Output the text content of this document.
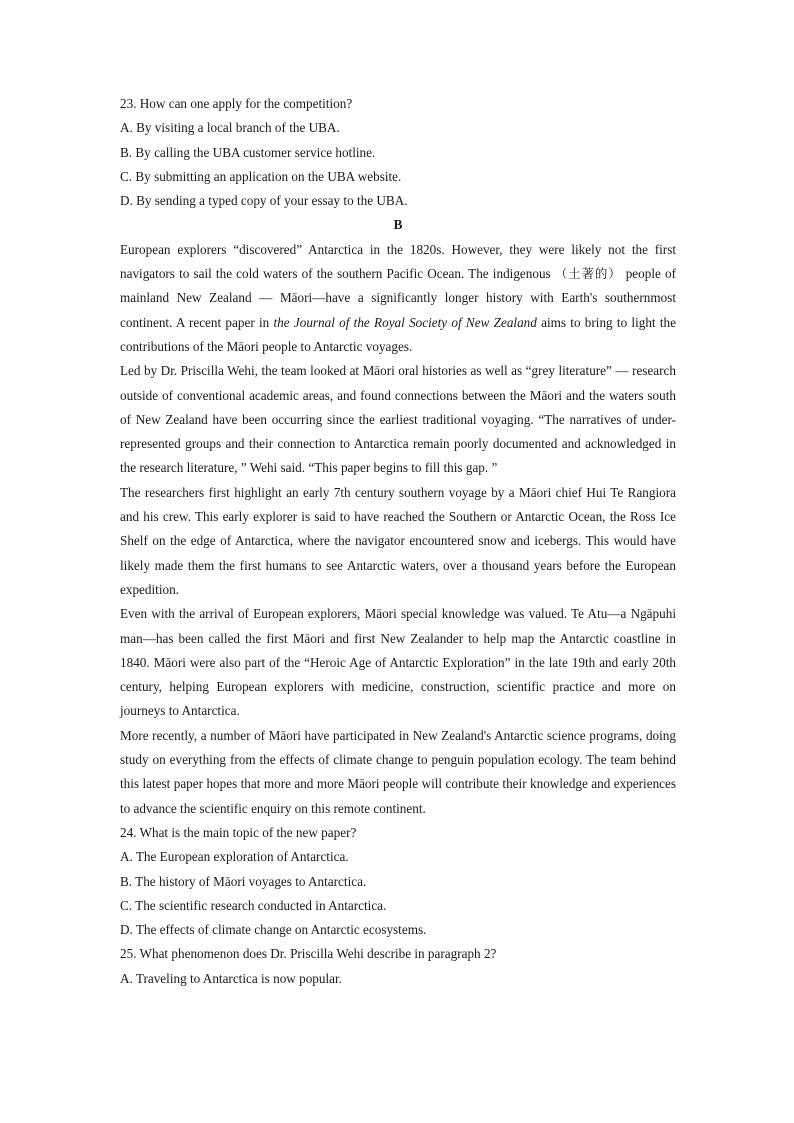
23. How can one apply for the competition?

A. By visiting a local branch of the UBA.

B. By calling the UBA customer service hotline.

C. By submitting an application on the UBA website.

D. By sending a typed copy of your essay to the UBA.

B

European explorers “discovered” Antarctica in the 1820s. However, they were likely not the first navigators to sail the cold waters of the southern Pacific Ocean. The indigenous （土著的） people of mainland New Zealand — Māori—have a significantly longer history with Earth's southernmost continent. A recent paper in the Journal of the Royal Society of New Zealand aims to bring to light the contributions of the Māori people to Antarctic voyages.

Led by Dr. Priscilla Wehi, the team looked at Māori oral histories as well as “grey literature” — research outside of conventional academic areas, and found connections between the Māori and the waters south of New Zealand have been occurring since the earliest traditional voyaging. “The narratives of under-represented groups and their connection to Antarctica remain poorly documented and acknowledged in the research literature, ” Wehi said. “This paper begins to fill this gap. ”

The researchers first highlight an early 7th century southern voyage by a Māori chief Hui Te Rangiora and his crew. This early explorer is said to have reached the Southern or Antarctic Ocean, the Ross Ice Shelf on the edge of Antarctica, where the navigator encountered snow and icebergs. This would have likely made them the first humans to see Antarctic waters, over a thousand years before the European expedition.

Even with the arrival of European explorers, Māori special knowledge was valued. Te Atu—a Ngāpuhi man—has been called the first Māori and first New Zealander to help map the Antarctic coastline in 1840. Māori were also part of the “Heroic Age of Antarctic Exploration” in the late 19th and early 20th century, helping European explorers with medicine, construction, scientific practice and more on journeys to Antarctica.

More recently, a number of Māori have participated in New Zealand's Antarctic science programs, doing study on everything from the effects of climate change to penguin population ecology. The team behind this latest paper hopes that more and more Māori people will contribute their knowledge and experiences to advance the scientific enquiry on this remote continent.

24. What is the main topic of the new paper?

A. The European exploration of Antarctica.

B. The history of Māori voyages to Antarctica.

C. The scientific research conducted in Antarctica.

D. The effects of climate change on Antarctic ecosystems.

25. What phenomenon does Dr. Priscilla Wehi describe in paragraph 2?

A. Traveling to Antarctica is now popular.
